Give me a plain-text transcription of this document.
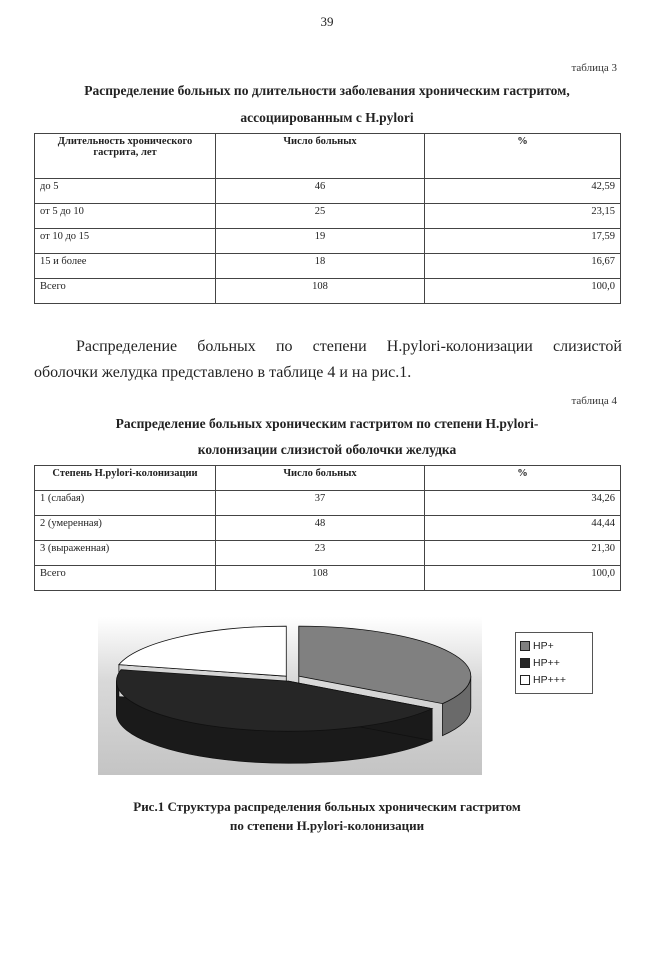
39
таблица 3
Распределение больных по длительности заболевания хроническим гастритом,
ассоциированным с H.pylori
Длительность хронического гастрита, лет	Число больных	%
до 5	46	42,59
от 5 до 10	25	23,15
от 10 до 15	19	17,59
15 и более	18	16,67
Всего	108	100,0
Распределение больных по степени H.pylori-колонизации слизистой
оболочки желудка представлено в таблице 4 и на рис.1.
таблица 4
Распределение больных хроническим гастритом по степени H.pylori-
колонизации слизистой оболочки желудка
Степень H.pylori-колонизации	Число больных	%
1 (слабая)	37	34,26
2 (умеренная)	48	44,44
3 (выраженная)	23	21,30
Всего	108	100,0
HP+
HP++
HP+++
Рис.1 Структура распределения больных хроническим гастритом
по степени H.pylori-колонизации
